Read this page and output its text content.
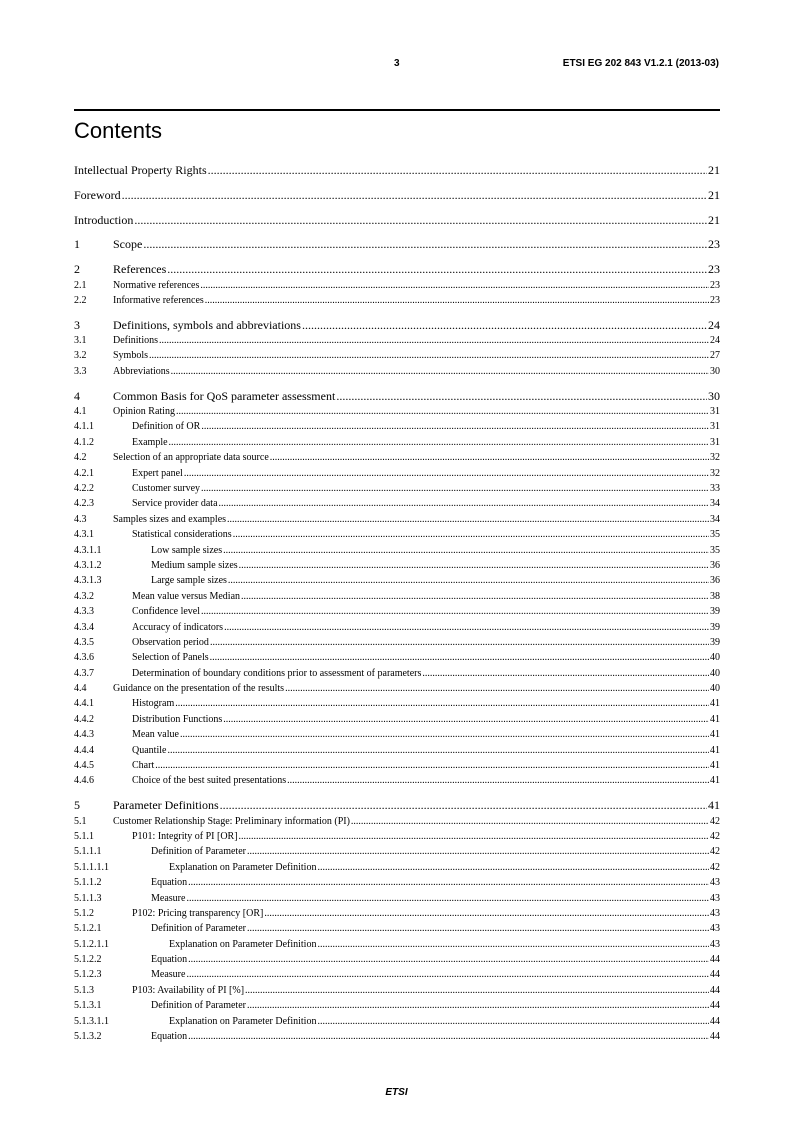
3	ETSI EG 202 843 V1.2.1 (2013-03)
Contents
Intellectual Property Rights .....	21
Foreword .....	21
Introduction .....	21
1	Scope .....	23
2	References .....	23
2.1	Normative references .....	23
2.2	Informative references .....	23
3	Definitions, symbols and abbreviations .....	24
3.1	Definitions .....	24
3.2	Symbols .....	27
3.3	Abbreviations .....	30
4	Common Basis for QoS parameter assessment .....	30
4.1	Opinion Rating .....	31
4.1.1	Definition of OR .....	31
4.1.2	Example .....	31
4.2	Selection of an appropriate data source .....	32
4.2.1	Expert panel .....	32
4.2.2	Customer survey .....	33
4.2.3	Service provider data .....	34
4.3	Samples sizes and examples .....	34
4.3.1	Statistical considerations .....	35
4.3.1.1	Low sample sizes .....	35
4.3.1.2	Medium sample sizes .....	36
4.3.1.3	Large sample sizes .....	36
4.3.2	Mean value versus Median .....	38
4.3.3	Confidence level .....	39
4.3.4	Accuracy of indicators .....	39
4.3.5	Observation period .....	39
4.3.6	Selection of Panels .....	40
4.3.7	Determination of boundary conditions prior to assessment of parameters .....	40
4.4	Guidance on the presentation of the results .....	40
4.4.1	Histogram .....	41
4.4.2	Distribution Functions .....	41
4.4.3	Mean value .....	41
4.4.4	Quantile .....	41
4.4.5	Chart .....	41
4.4.6	Choice of the best suited presentations .....	41
5	Parameter Definitions .....	41
5.1	Customer Relationship Stage: Preliminary information (PI) .....	42
5.1.1	P101: Integrity of PI [OR] .....	42
5.1.1.1	Definition of Parameter .....	42
5.1.1.1.1	Explanation on Parameter Definition .....	42
5.1.1.2	Equation .....	43
5.1.1.3	Measure .....	43
5.1.2	P102: Pricing transparency [OR] .....	43
5.1.2.1	Definition of Parameter .....	43
5.1.2.1.1	Explanation on Parameter Definition .....	43
5.1.2.2	Equation .....	44
5.1.2.3	Measure .....	44
5.1.3	P103: Availability of PI [%] .....	44
5.1.3.1	Definition of Parameter .....	44
5.1.3.1.1	Explanation on Parameter Definition .....	44
5.1.3.2	Equation .....	44
ETSI
